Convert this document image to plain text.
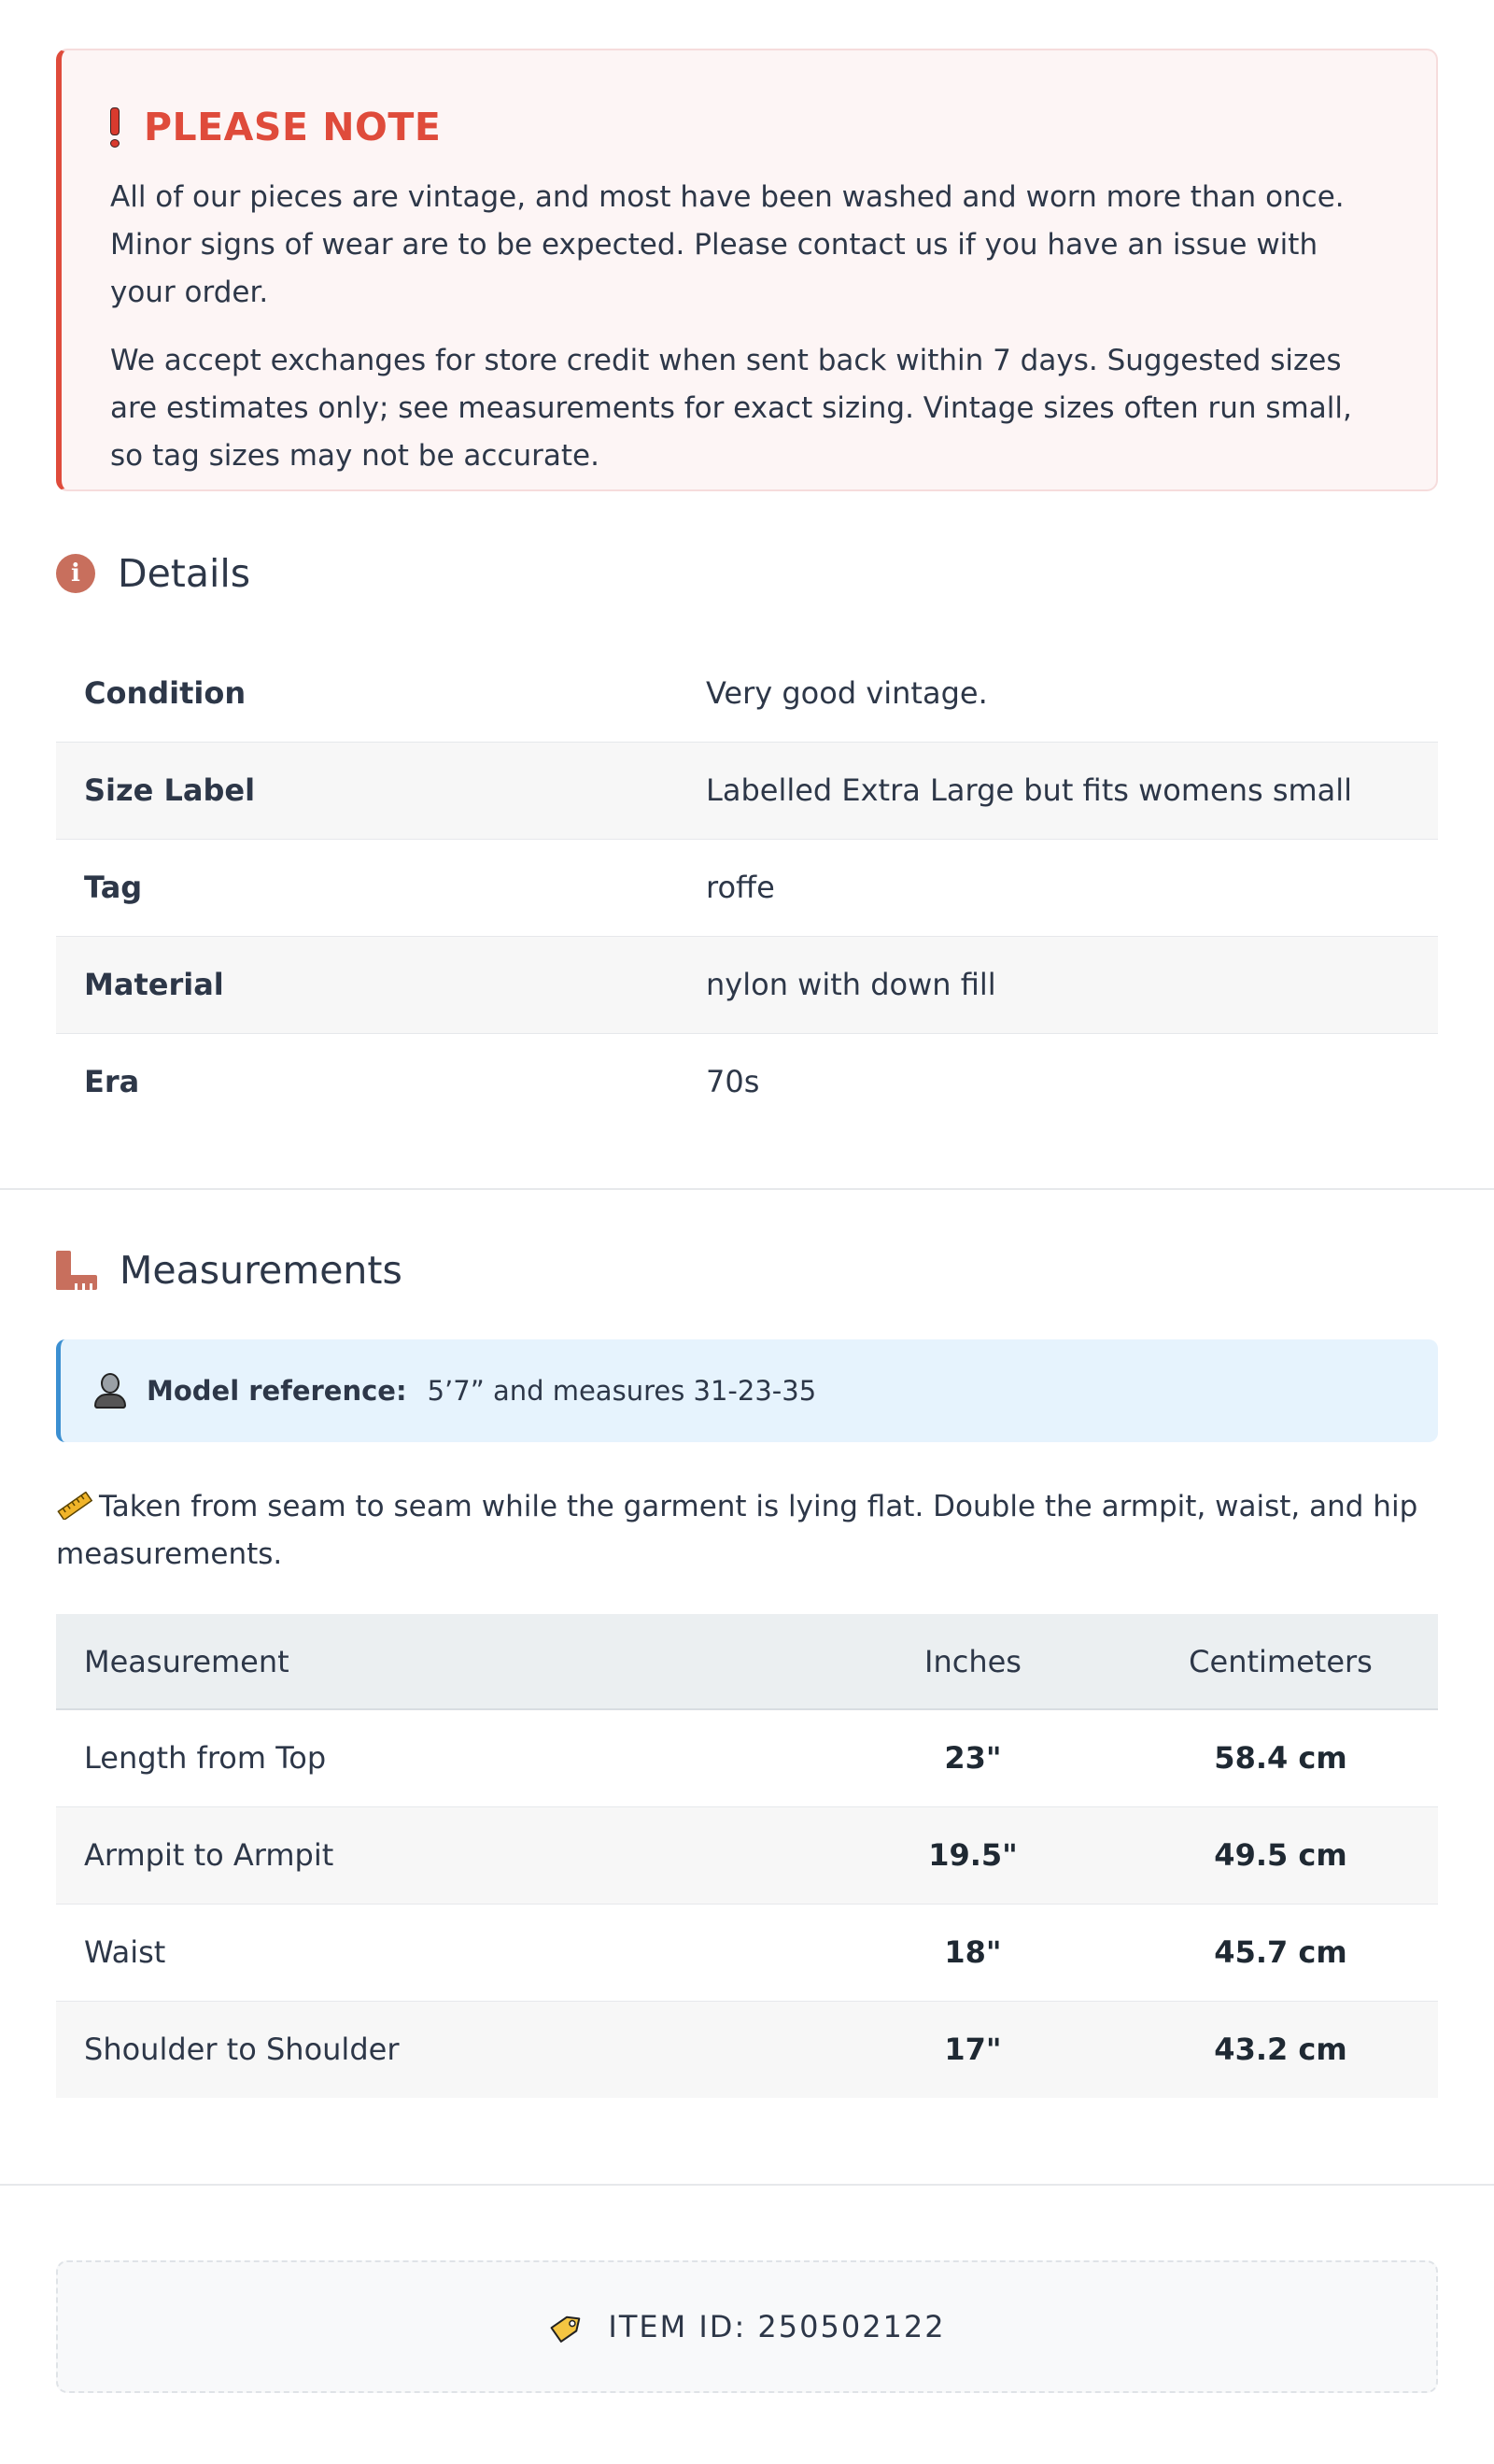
PLEASE NOTE

All of our pieces are vintage, and most have been washed and worn more than once. Minor signs of wear are to be expected. Please contact us if you have an issue with your order.

We accept exchanges for store credit when sent back within 7 days. Suggested sizes are estimates only; see measurements for exact sizing. Vintage sizes often run small, so tag sizes may not be accurate.

i Details
Condition	Very good vintage.
Size Label	Labelled Extra Large but fits womens small
Tag	roffe
Material	nylon with down fill
Era	70s
Measurements
Model reference: 5’7” and measures 31-23-35
Taken from seam to seam while the garment is lying flat. Double the armpit, waist, and hip measurements.
Measurement	Inches	Centimeters
Length from Top	23"	58.4 cm
Armpit to Armpit	19.5"	49.5 cm
Waist	18"	45.7 cm
Shoulder to Shoulder	17"	43.2 cm
ITEM ID: 250502122
